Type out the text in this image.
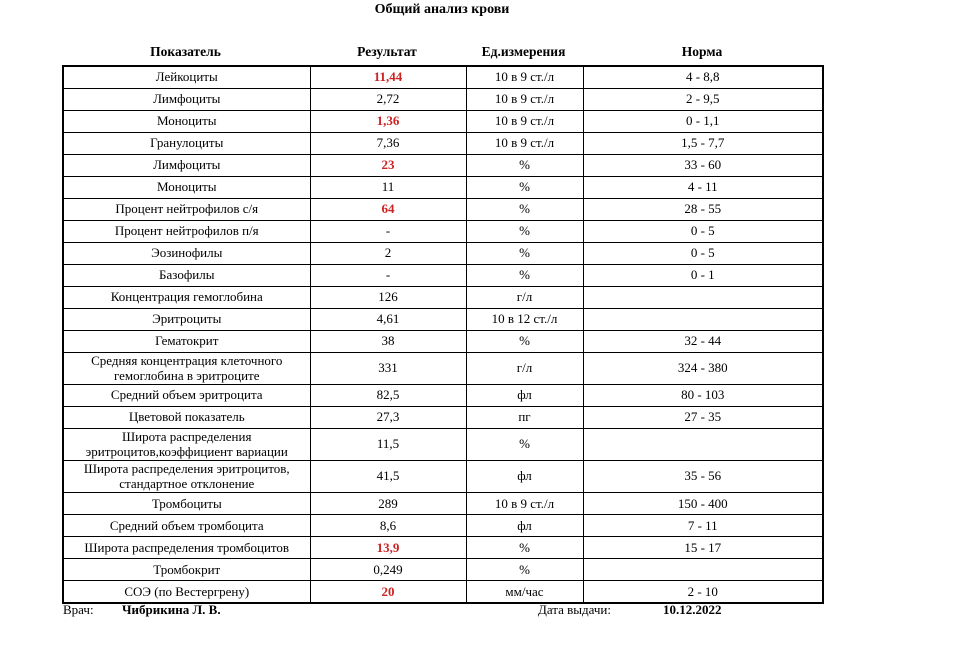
Общий анализ крови
Показатель	Результат	Ед.измерения	Норма
Лейкоциты	11,44	10 в 9 ст./л	4 - 8,8
Лимфоциты	2,72	10 в 9 ст./л	2 - 9,5
Моноциты	1,36	10 в 9 ст./л	0 - 1,1
Гранулоциты	7,36	10 в 9 ст./л	1,5 - 7,7
Лимфоциты	23	%	33 - 60
Моноциты	11	%	4 - 11
Процент нейтрофилов с/я	64	%	28 - 55
Процент нейтрофилов п/я	-	%	0 - 5
Эозинофилы	2	%	0 - 5
Базофилы	-	%	0 - 1
Концентрация гемоглобина	126	г/л	
Эритроциты	4,61	10 в 12 ст./л	
Гематокрит	38	%	32 - 44
Средняя концентрация клеточного гемоглобина в эритроците	331	г/л	324 - 380
Средний объем эритроцита	82,5	фл	80 - 103
Цветовой показатель	27,3	пг	27 - 35
Широта распределения эритроцитов,коэффициент вариации	11,5	%	
Широта распределения эритроцитов, стандартное отклонение	41,5	фл	35 - 56
Тромбоциты	289	10 в 9 ст./л	150 - 400
Средний объем тромбоцита	8,6	фл	7 - 11
Широта распределения тромбоцитов	13,9	%	15 - 17
Тромбокрит	0,249	%	
СОЭ (по Вестергрену)	20	мм/час	2 - 10
Врач: Чибрикина Л. В.	Дата выдачи:	10.12.2022
